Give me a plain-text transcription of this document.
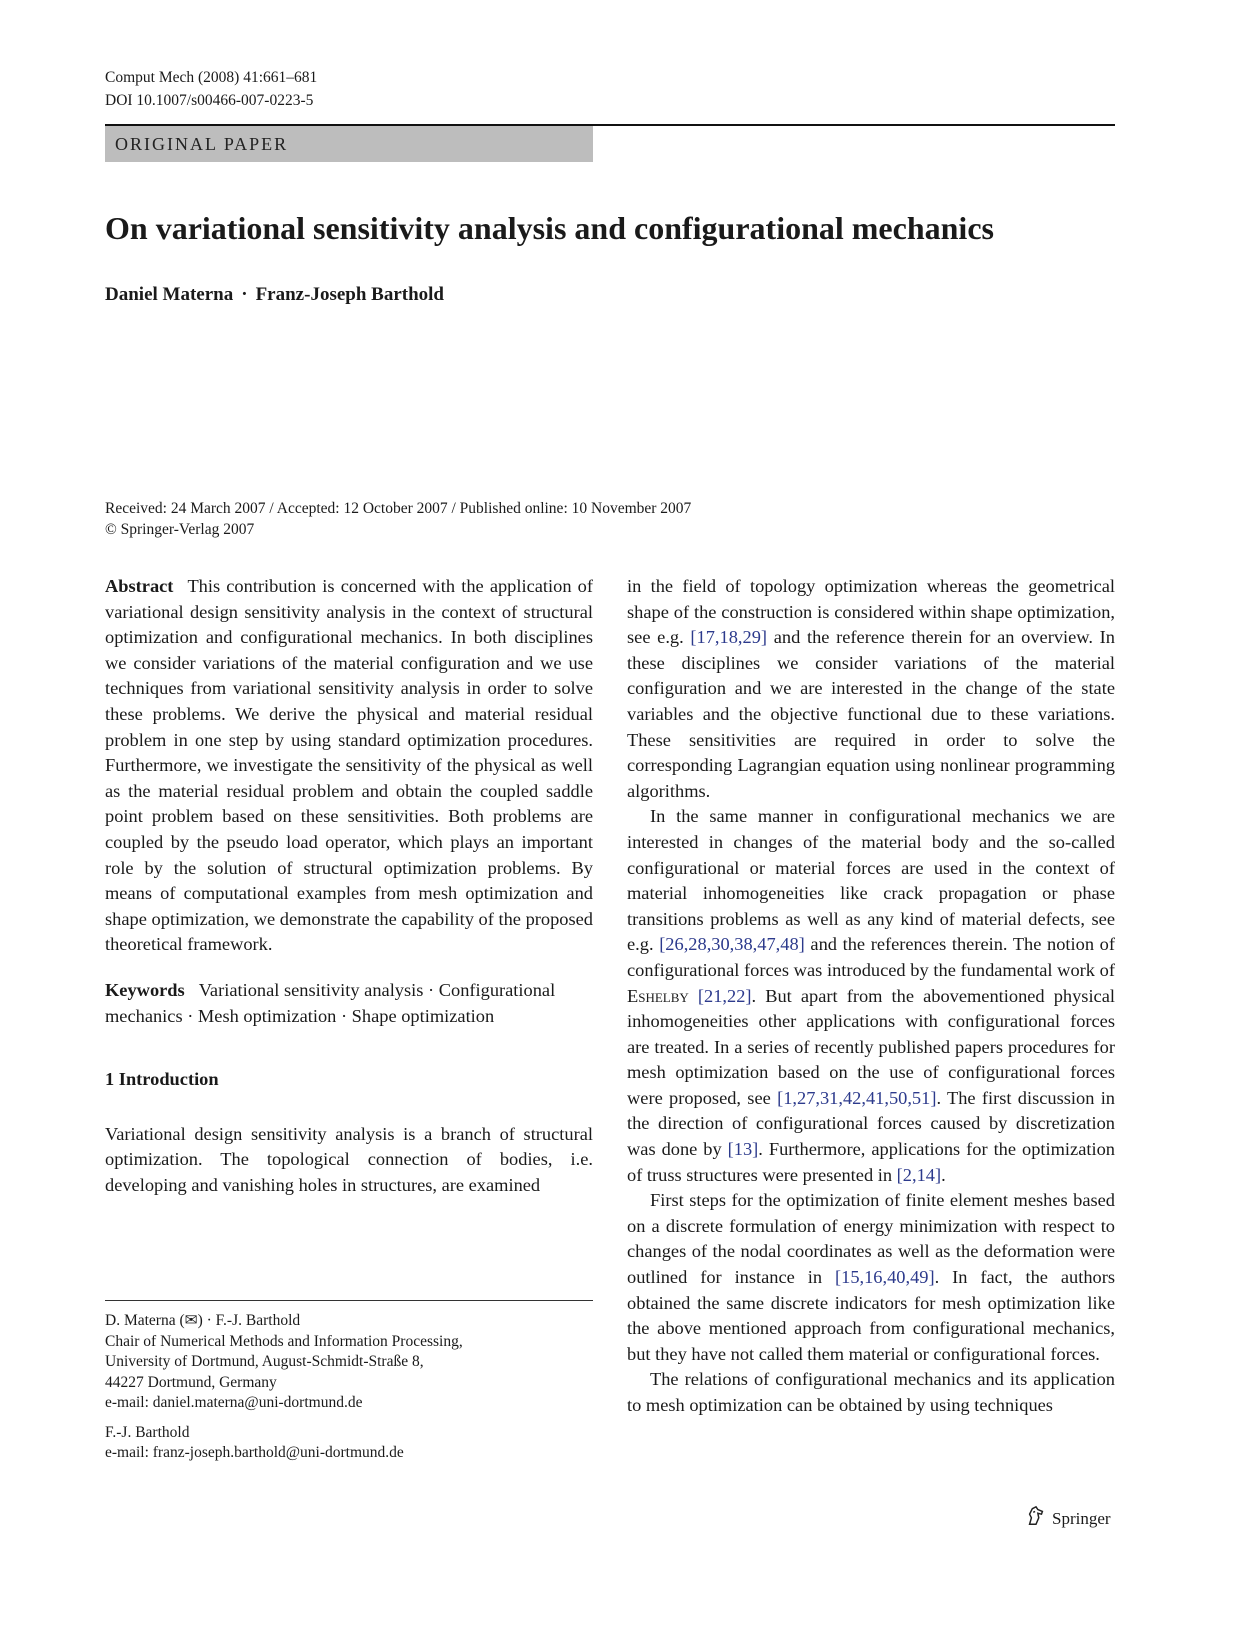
Comput Mech (2008) 41:661–681
DOI 10.1007/s00466-007-0223-5
ORIGINAL PAPER
On variational sensitivity analysis and configurational mechanics
Daniel Materna · Franz-Joseph Barthold
Received: 24 March 2007 / Accepted: 12 October 2007 / Published online: 10 November 2007
© Springer-Verlag 2007

Abstract This contribution is concerned with the application of variational design sensitivity analysis in the context of structural optimization and configurational mechanics. In both disciplines we consider variations of the material configuration and we use techniques from variational sensitivity analysis in order to solve these problems. We derive the physical and material residual problem in one step by using standard optimization procedures. Furthermore, we investigate the sensitivity of the physical as well as the material residual problem and obtain the coupled saddle point problem based on these sensitivities. Both problems are coupled by the pseudo load operator, which plays an important role by the solution of structural optimization problems. By means of computational examples from mesh optimization and shape optimization, we demonstrate the capability of the proposed theoretical framework.

Keywords Variational sensitivity analysis · Configurational mechanics · Mesh optimization · Shape optimization

1 Introduction

Variational design sensitivity analysis is a branch of structural optimization. The topological connection of bodies, i.e. developing and vanishing holes in structures, are examined

in the field of topology optimization whereas the geometrical shape of the construction is considered within shape optimization, see e.g. [17,18,29] and the reference therein for an overview. In these disciplines we consider variations of the material configuration and we are interested in the change of the state variables and the objective functional due to these variations. These sensitivities are required in order to solve the corresponding Lagrangian equation using nonlinear programming algorithms.

In the same manner in configurational mechanics we are interested in changes of the material body and the so-called configurational or material forces are used in the context of material inhomogeneities like crack propagation or phase transitions problems as well as any kind of material defects, see e.g. [26,28,30,38,47,48] and the references therein. The notion of configurational forces was introduced by the fundamental work of Eshelby [21,22]. But apart from the abovementioned physical inhomogeneities other applications with configurational forces are treated. In a series of recently published papers procedures for mesh optimization based on the use of configurational forces were proposed, see [1,27,31,42,41,50,51]. The first discussion in the direction of configurational forces caused by discretization was done by [13]. Furthermore, applications for the optimization of truss structures were presented in [2,14].

First steps for the optimization of finite element meshes based on a discrete formulation of energy minimization with respect to changes of the nodal coordinates as well as the deformation were outlined for instance in [15,16,40,49]. In fact, the authors obtained the same discrete indicators for mesh optimization like the above mentioned approach from configurational mechanics, but they have not called them material or configurational forces.

The relations of configurational mechanics and its application to mesh optimization can be obtained by using techniques

D. Materna (✉) · F.-J. Barthold
Chair of Numerical Methods and Information Processing,
University of Dortmund, August-Schmidt-Straße 8,
44227 Dortmund, Germany
e-mail: daniel.materna@uni-dortmund.de
F.-J. Barthold
e-mail: franz-joseph.barthold@uni-dortmund.de
Springer
